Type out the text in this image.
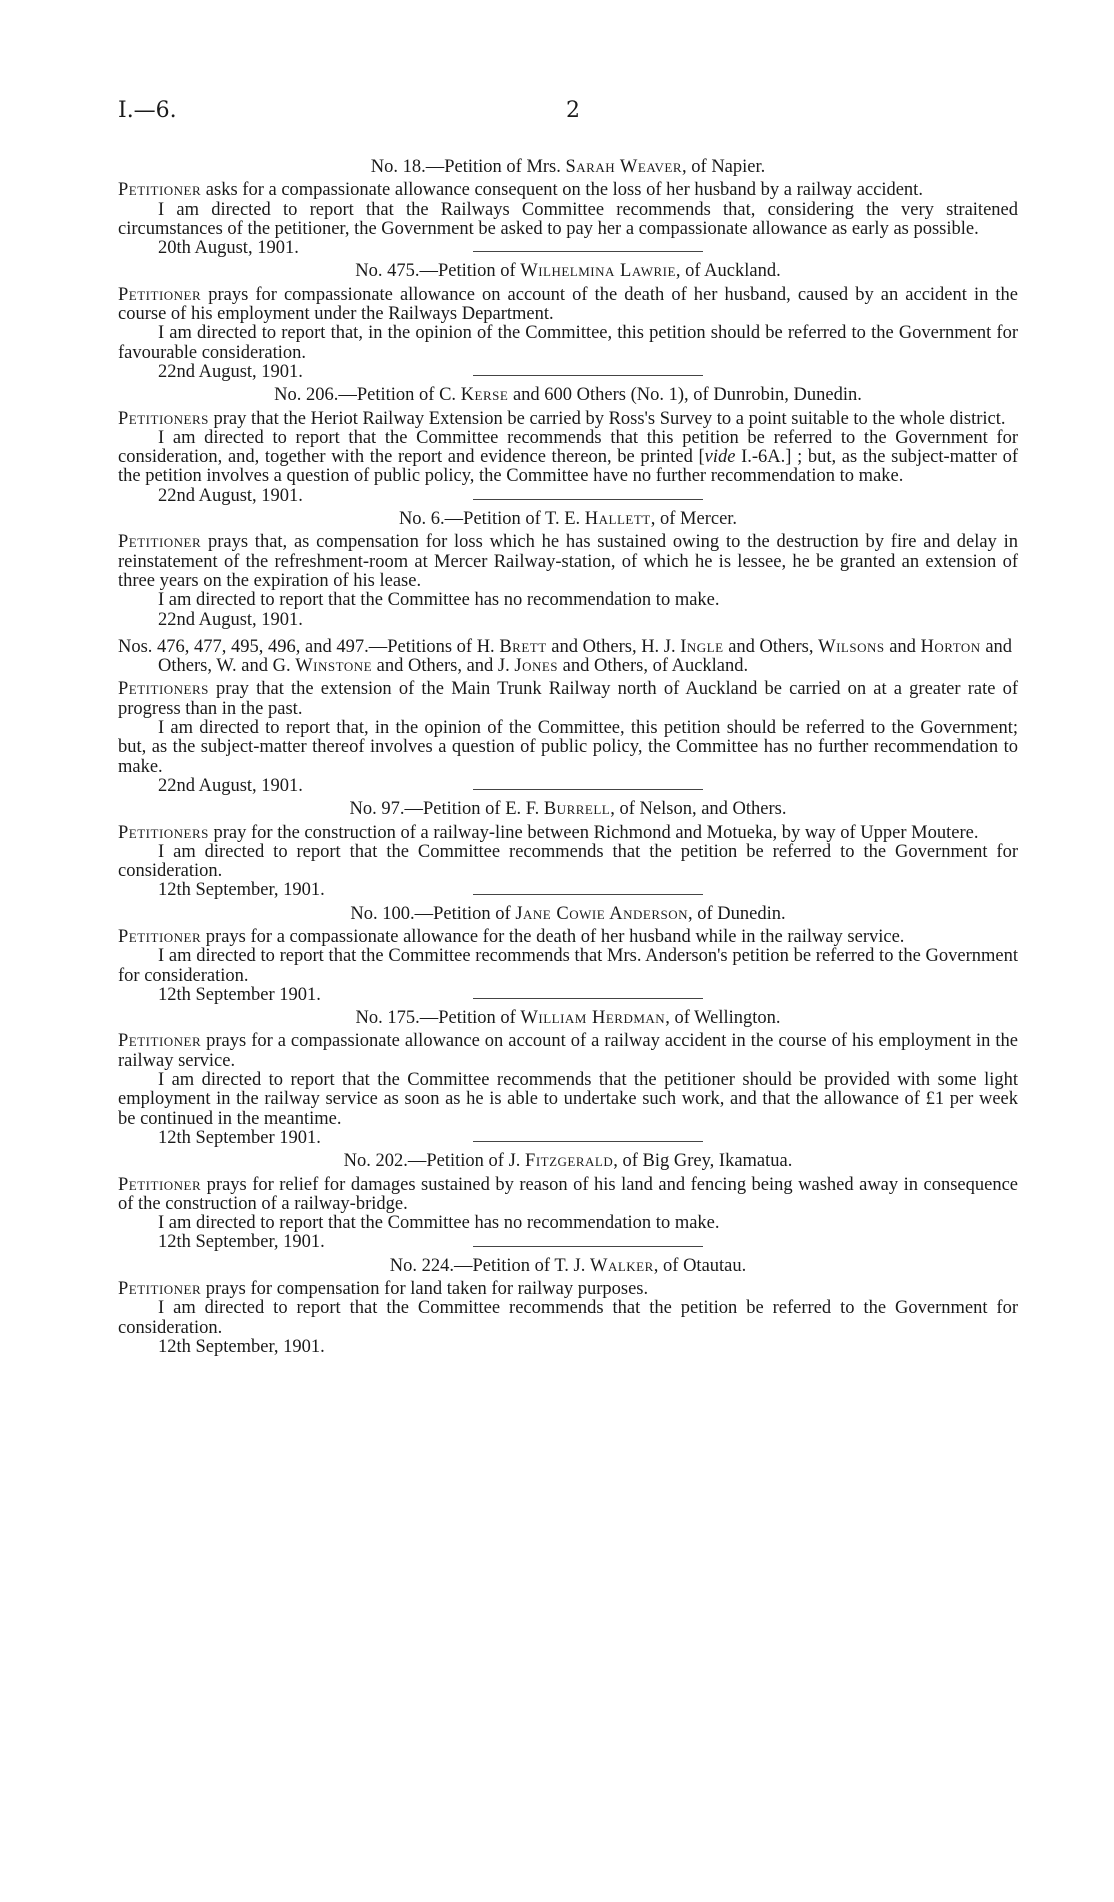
I.—6.	2

No. 18.—Petition of Mrs. Sarah Weaver, of Napier.

Petitioner asks for a compassionate allowance consequent on the loss of her husband by a railway accident.

I am directed to report that the Railways Committee recommends that, considering the very straitened circumstances of the petitioner, the Government be asked to pay her a compassionate allowance as early as possible.

20th August, 1901.

No. 475.—Petition of Wilhelmina Lawrie, of Auckland.

Petitioner prays for compassionate allowance on account of the death of her husband, caused by an accident in the course of his employment under the Railways Department.

I am directed to report that, in the opinion of the Committee, this petition should be referred to the Government for favourable consideration.

22nd August, 1901.

No. 206.—Petition of C. Kerse and 600 Others (No. 1), of Dunrobin, Dunedin.

Petitioners pray that the Heriot Railway Extension be carried by Ross's Survey to a point suitable to the whole district.

I am directed to report that the Committee recommends that this petition be referred to the Government for consideration, and, together with the report and evidence thereon, be printed [vide I.-6A.] ; but, as the subject-matter of the petition involves a question of public policy, the Committee have no further recommendation to make.

22nd August, 1901.

No. 6.—Petition of T. E. Hallett, of Mercer.

Petitioner prays that, as compensation for loss which he has sustained owing to the destruction by fire and delay in reinstatement of the refreshment-room at Mercer Railway-station, of which he is lessee, he be granted an extension of three years on the expiration of his lease.

I am directed to report that the Committee has no recommendation to make.

22nd August, 1901.

Nos. 476, 477, 495, 496, and 497.—Petitions of H. Brett and Others, H. J. Ingle and Others, Wilsons and Horton and Others, W. and G. Winstone and Others, and J. Jones and Others, of Auckland.

Petitioners pray that the extension of the Main Trunk Railway north of Auckland be carried on at a greater rate of progress than in the past.

I am directed to report that, in the opinion of the Committee, this petition should be referred to the Government; but, as the subject-matter thereof involves a question of public policy, the Committee has no further recommendation to make.

22nd August, 1901.

No. 97.—Petition of E. F. Burrell, of Nelson, and Others.

Petitioners pray for the construction of a railway-line between Richmond and Motueka, by way of Upper Moutere.

I am directed to report that the Committee recommends that the petition be referred to the Government for consideration.

12th September, 1901.

No. 100.—Petition of Jane Cowie Anderson, of Dunedin.

Petitioner prays for a compassionate allowance for the death of her husband while in the railway service.

I am directed to report that the Committee recommends that Mrs. Anderson's petition be referred to the Government for consideration.

12th September 1901.

No. 175.—Petition of William Herdman, of Wellington.

Petitioner prays for a compassionate allowance on account of a railway accident in the course of his employment in the railway service.

I am directed to report that the Committee recommends that the petitioner should be provided with some light employment in the railway service as soon as he is able to undertake such work, and that the allowance of £1 per week be continued in the meantime.

12th September 1901.

No. 202.—Petition of J. Fitzgerald, of Big Grey, Ikamatua.

Petitioner prays for relief for damages sustained by reason of his land and fencing being washed away in consequence of the construction of a railway-bridge.

I am directed to report that the Committee has no recommendation to make.

12th September, 1901.

No. 224.—Petition of T. J. Walker, of Otautau.

Petitioner prays for compensation for land taken for railway purposes.

I am directed to report that the Committee recommends that the petition be referred to the Government for consideration.

12th September, 1901.
